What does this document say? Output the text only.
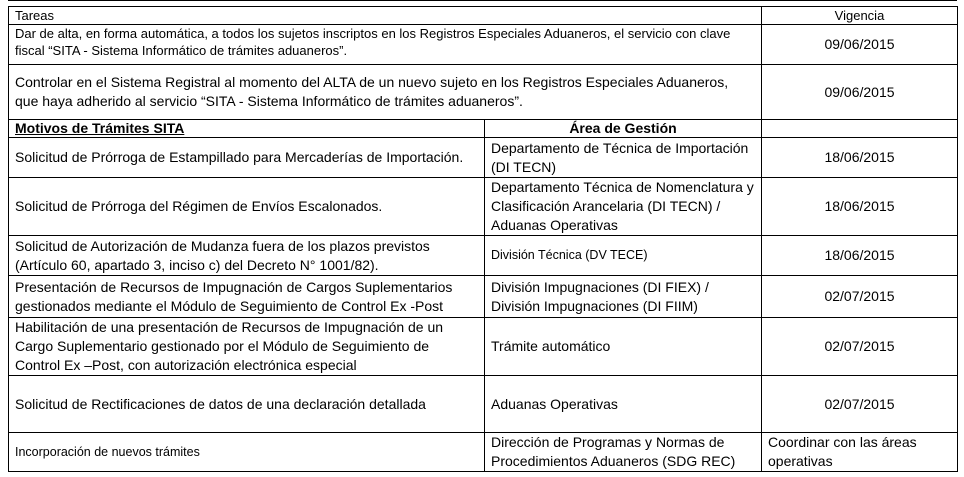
Tareas		Vigencia
Dar de alta, en forma automática, a todos los sujetos inscriptos en los Registros Especiales Aduaneros, el servicio con clave fiscal “SITA - Sistema Informático de trámites aduaneros”.		09/06/2015
Controlar en el Sistema Registral al momento del ALTA de un nuevo sujeto en los Registros Especiales Aduaneros, que haya adherido al servicio “SITA - Sistema Informático de trámites aduaneros”.		09/06/2015
Motivos de Trámites SITA	Área de Gestión	
Solicitud de Prórroga de Estampillado para Mercaderías de Importación.	Departamento de Técnica de Importación (DI TECN)	18/06/2015
Solicitud de Prórroga del Régimen de Envíos Escalonados.	Departamento Técnica de Nomenclatura y Clasificación Arancelaria (DI TECN) / Aduanas Operativas	18/06/2015
Solicitud de Autorización de Mudanza fuera de los plazos previstos (Artículo 60, apartado 3, inciso c) del Decreto N° 1001/82).	División Técnica (DV TECE)	18/06/2015
Presentación de Recursos de Impugnación de Cargos Suplementarios gestionados mediante el Módulo de Seguimiento de Control Ex -Post	División Impugnaciones (DI FIEX) / División Impugnaciones (DI FIIM)	02/07/2015
Habilitación de una presentación de Recursos de Impugnación de un Cargo Suplementario gestionado por el Módulo de Seguimiento de Control Ex –Post, con autorización electrónica especial	Trámite automático	02/07/2015
Solicitud de Rectificaciones de datos de una declaración detallada	Aduanas Operativas	02/07/2015
Incorporación de nuevos trámites	Dirección de Programas y Normas de Procedimientos Aduaneros (SDG REC)	Coordinar con las áreas operativas
